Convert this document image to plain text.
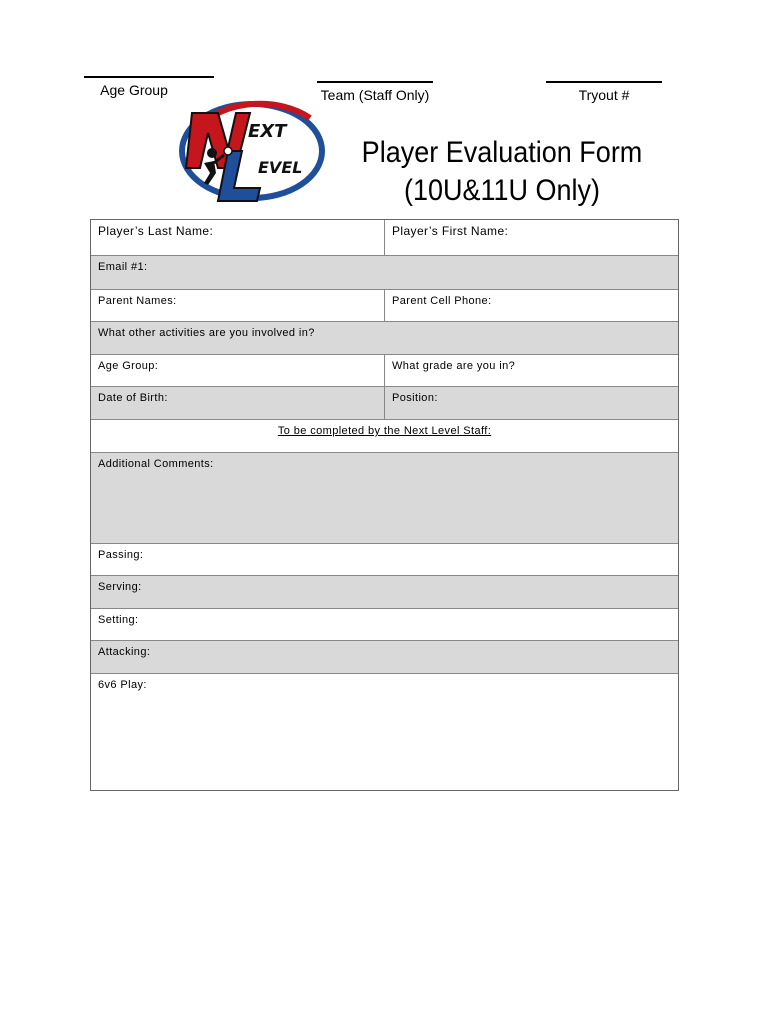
Age Group	Team (Staff Only)	Tryout #
EXT
EVEL Player Evaluation Form
(10U&11U Only)
Player’s Last Name:	Player’s First Name:
Email #1:
Parent Names:	Parent Cell Phone:
What other activities are you involved in?
Age Group:	What grade are you in?
Date of Birth:	Position:
To be completed by the Next Level Staff:
Additional Comments:
Passing:
Serving:
Setting:
Attacking:
6v6 Play:
